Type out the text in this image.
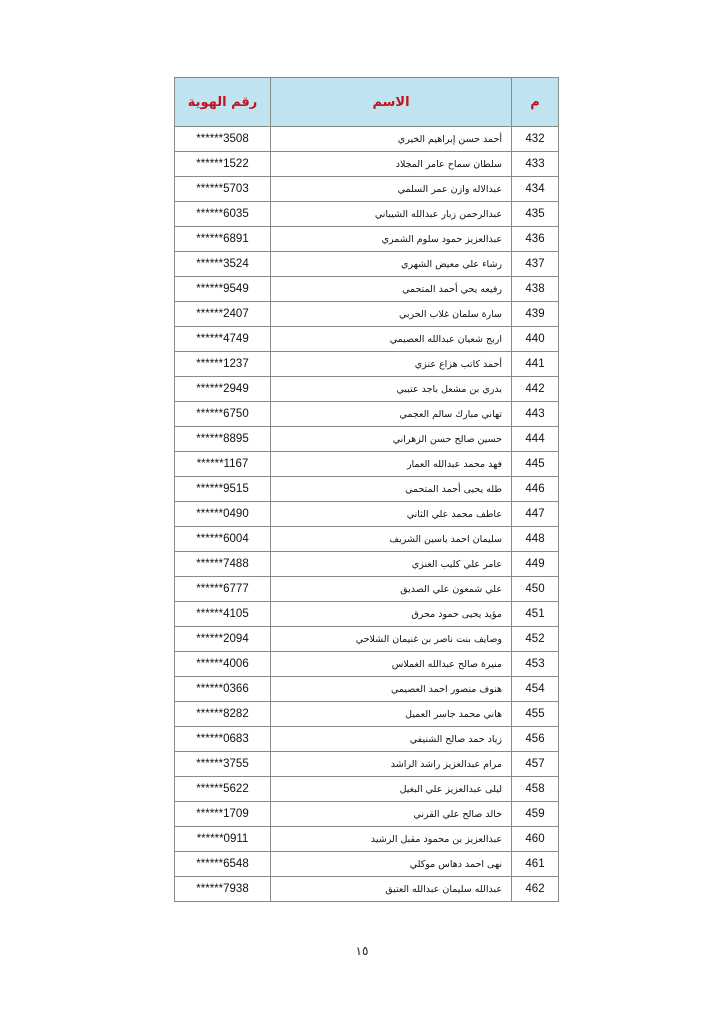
م	الاسم	رقم الهوية
432	أحمد حسن إبراهيم الخيري	******3508
433	سلطان سماح عامر المجلاد	******1522
434	عبدالاله وازن عمر السلمي	******5703
435	عبدالرحمن زبار عبدالله الشيباني	******6035
436	عبدالعزيز حمود سلوم الشمري	******6891
437	رشاء علي معيض الشهري	******3524
438	رفيعه يحي أحمد المتحمي	******9549
439	سارة سلمان غلاب الحربي	******2407
440	اريج شعيان عبدالله العصيمي	******4749
441	أحمد كاتب هزاع عنزي	******1237
442	بدري بن مشعل باجد عتيبي	******2949
443	تهاني مبارك سالم العجمي	******6750
444	حسين صالح حسن الزهراني	******8895
445	فهد محمد عبدالله العمار	******1167
446	طله يحيى أحمد المتحمي	******9515
447	عاطف محمد علي الثاني	******0490
448	سليمان احمد ياسين الشريف	******6004
449	عامر علي كليب العنزي	******7488
450	علي شمعون علي الصديق	******6777
451	مؤيد يحيى حمود محرق	******4105
452	وصايف بنت ناصر بن غنيمان الشلاحي	******2094
453	منيرة صالح عبدالله الغملاس	******4006
454	هنوف منصور احمد العصيمي	******0366
455	هاني محمد جاسر العميل	******8282
456	زياد حمد صالح الشنيفي	******0683
457	مرام عبدالعزيز راشد الراشد	******3755
458	ليلى عبدالعزيز علي البغيل	******5622
459	خالد صالح علي القرني	******1709
460	عبدالعزيز بن محمود مقبل الرشيد	******0911
461	نهى احمد دهاس موكلي	******6548
462	عبدالله سليمان عبدالله العتيق	******7938
١٥
